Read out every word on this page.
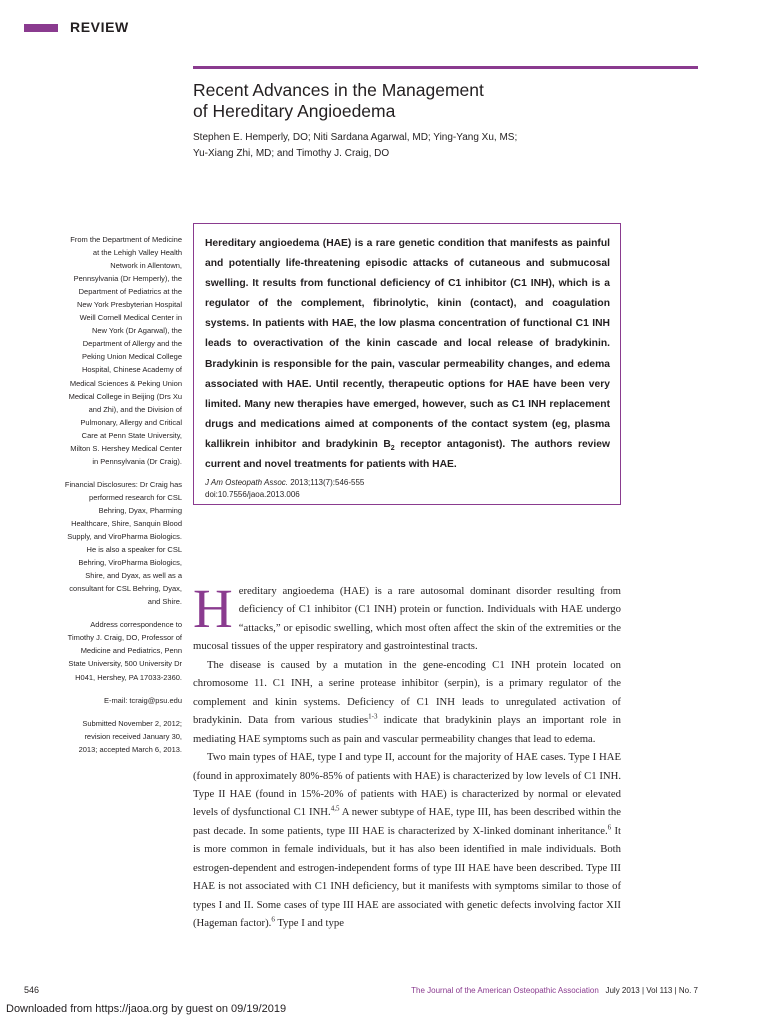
REVIEW
Recent Advances in the Management
of Hereditary Angioedema

Stephen E. Hemperly, DO; Niti Sardana Agarwal, MD; Ying-Yang Xu, MS;
Yu-Xiang Zhi, MD; and Timothy J. Craig, DO

From the Department of Medicine at the Lehigh Valley Health Network in Allentown, Pennsylvania (Dr Hemperly), the Department of Pediatrics at the New York Presbyterian Hospital Weill Cornell Medical Center in New York (Dr Agarwal), the Department of Allergy and the Peking Union Medical College Hospital, Chinese Academy of Medical Sciences & Peking Union Medical College in Beijing (Drs Xu and Zhi), and the Division of Pulmonary, Allergy and Critical Care at Penn State University, Milton S. Hershey Medical Center in Pennsylvania (Dr Craig).

Financial Disclosures: Dr Craig has performed research for CSL Behring, Dyax, Pharming Healthcare, Shire, Sanquin Blood Supply, and ViroPharma Biologics. He is also a speaker for CSL Behring, ViroPharma Biologics, Shire, and Dyax, as well as a consultant for CSL Behring, Dyax, and Shire.

Address correspondence to Timothy J. Craig, DO, Professor of Medicine and Pediatrics, Penn State University, 500 University Dr H041, Hershey, PA 17033-2360.

E-mail: tcraig@psu.edu

Submitted November 2, 2012; revision received January 30, 2013; accepted March 6, 2013.

Hereditary angioedema (HAE) is a rare genetic condition that manifests as painful and potentially life-threatening episodic attacks of cutaneous and submucosal swelling. It results from functional deficiency of C1 inhibitor (C1 INH), which is a regulator of the complement, fibrinolytic, kinin (contact), and coagulation systems. In patients with HAE, the low plasma concentration of functional C1 INH leads to overactivation of the kinin cascade and local release of bradykinin. Bradykinin is responsible for the pain, vascular permeability changes, and edema associated with HAE. Until recently, therapeutic options for HAE have been very limited. Many new therapies have emerged, however, such as C1 INH replacement drugs and medications aimed at components of the contact system (eg, plasma kallikrein inhibitor and bradykinin $B_2$ receptor antagonist). The authors review current and novel treatments for patients with HAE.

J Am Osteopath Assoc. 2013;113(7):546-555
doi:10.7556/jaoa.2013.006

Hereditary angioedema (HAE) is a rare autosomal dominant disorder resulting from deficiency of C1 inhibitor (C1 INH) protein or function. Individuals with HAE undergo “attacks,” or episodic swelling, which most often affect the skin of the extremities or the mucosal tissues of the upper respiratory and gastrointestinal tracts.

The disease is caused by a mutation in the gene-encoding C1 INH protein located on chromosome 11. C1 INH, a serine protease inhibitor (serpin), is a primary regulator of the complement and kinin systems. Deficiency of C1 INH leads to unregulated activation of bradykinin. Data from various studies$^{1-3}$ indicate that bradykinin plays an important role in mediating HAE symptoms such as pain and vascular permeability changes that lead to edema.

Two main types of HAE, type I and type II, account for the majority of HAE cases. Type I HAE (found in approximately 80%-85% of patients with HAE) is characterized by low levels of C1 INH. Type II HAE (found in 15%-20% of patients with HAE) is characterized by normal or elevated levels of dysfunctional C1 INH.$^{4,5}$ A newer subtype of HAE, type III, has been described within the past decade. In some patients, type III HAE is characterized by X-linked dominant inheritance.$^6$ It is more common in female individuals, but it has also been identified in male individuals. Both estrogen-dependent and estrogen-independent forms of type III HAE have been described. Type III HAE is not associated with C1 INH deficiency, but it manifests with symptoms similar to those of types I and II. Some cases of type III HAE are associated with genetic defects involving factor XII (Hageman factor).$^6$ Type I and type

546	The Journal of the American Osteopathic Association July 2013 | Vol 113 | No. 7
Downloaded from https://jaoa.org by guest on 09/19/2019
